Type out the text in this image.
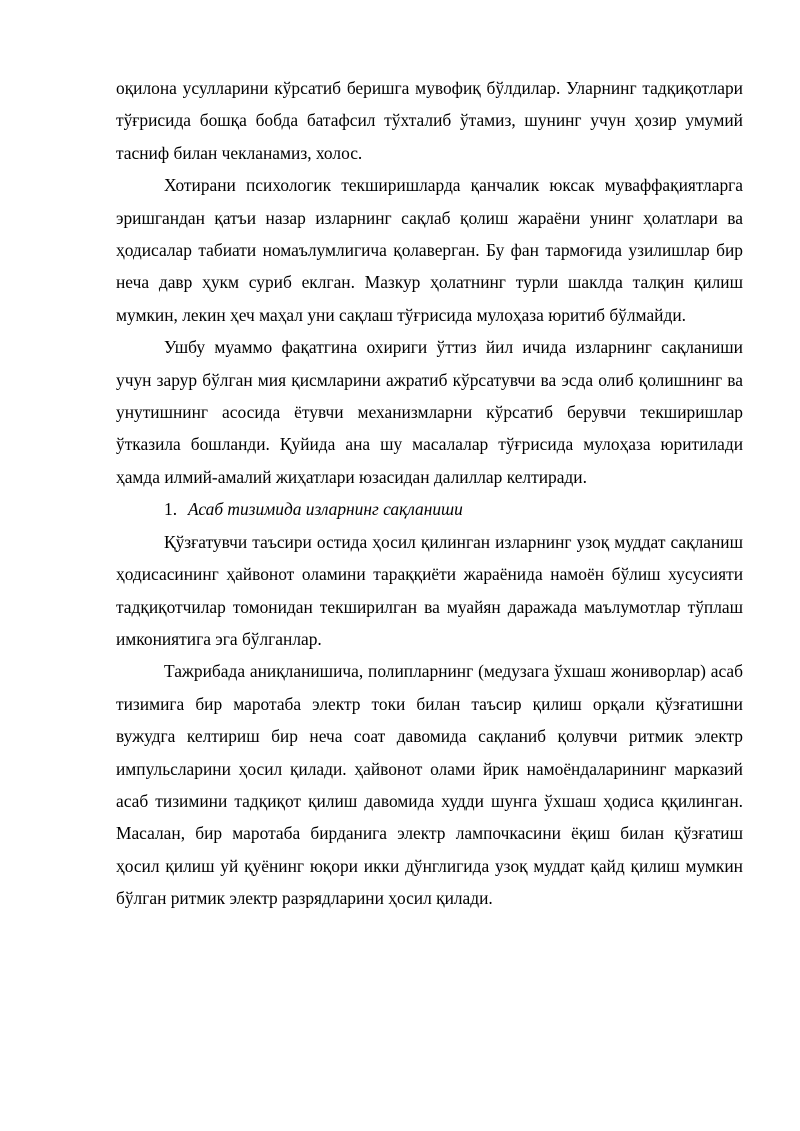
оқилона усулларини кўрсатиб беришга мувофиқ бўлдилар. Уларнинг тадқиқотлари тўғрисида бошқа бобда батафсил тўхталиб ўтамиз, шунинг учун ҳозир умумий тасниф билан чекланамиз, холос.

Хотирани психологик текширишларда қанчалик юксак муваффақиятларга эришгандан қатъи назар изларнинг сақлаб қолиш жараёни унинг ҳолатлари ва ҳодисалар табиати номаълумлигича қолаверган. Бу фан тармоғида узилишлар бир неча давр ҳукм суриб еклган. Мазкур ҳолатнинг турли шаклда талқин қилиш мумкин, лекин ҳеч маҳал уни сақлаш тўғрисида мулоҳаза юритиб бўлмайди.

Ушбу муаммо фақатгина охириги ўттиз йил ичида изларнинг сақланиши учун зарур бўлган мия қисмларини ажратиб кўрсатувчи ва эсда олиб қолишнинг ва унутишнинг асосида ётувчи механизмларни кўрсатиб берувчи текширишлар ўтказила бошланди. Қуйида ана шу масалалар тўғрисида мулоҳаза юритилади ҳамда илмий-амалий жиҳатлари юзасидан далиллар келтиради.

1. Асаб тизимида изларнинг сақланиши

Қўзғатувчи таъсири остида ҳосил қилинган изларнинг узоқ муддат сақланиш ҳодисасининг ҳайвонот оламини тараққиёти жараёнида намоён бўлиш хусусияти тадқиқотчилар томонидан текширилган ва муайян даражада маълумотлар тўплаш имкониятига эга бўлганлар.

Тажрибада аниқланишича, полипларнинг (медузага ўхшаш жониворлар) асаб тизимига бир маротаба электр токи билан таъсир қилиш орқали қўзғатишни вужудга келтириш бир неча соат давомида сақланиб қолувчи ритмик электр импульсларини ҳосил қилади. ҳайвонот олами йрик намоёндаларининг марказий асаб тизимини тадқиқот қилиш давомида худди шунга ўхшаш ҳодиса ққилинган. Масалан, бир маротаба бирданига электр лампочкасини ёқиш билан қўзғатиш ҳосил қилиш уй қуёнинг юқори икки дўнглигида узоқ муддат қайд қилиш мумкин бўлган ритмик электр разрядларини ҳосил қилади.
